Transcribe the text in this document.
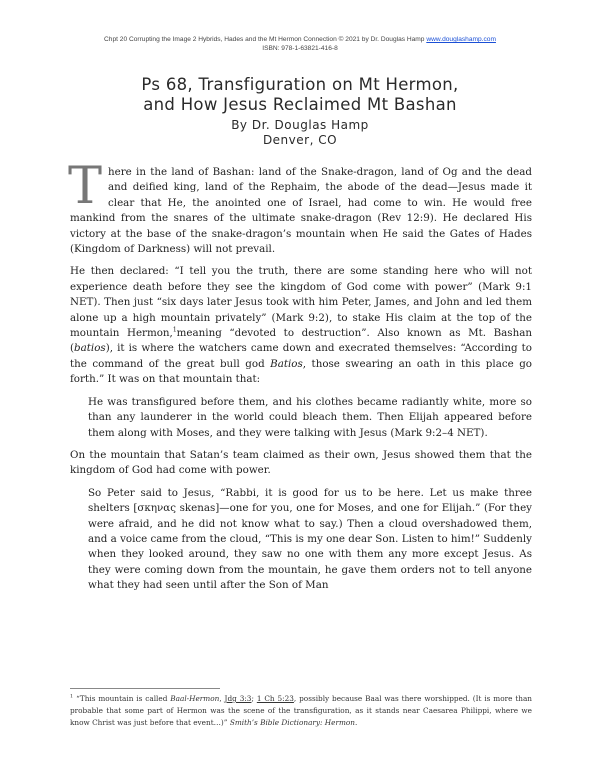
Chpt 20 Corrupting the Image 2 Hybrids, Hades and the Mt Hermon Connection © 2021 by Dr. Douglas Hamp www.douglashamp.com
ISBN: 978-1-63821-416-8
Ps 68, Transfiguration on Mt Hermon,
and How Jesus Reclaimed Mt Bashan
By Dr. Douglas Hamp
Denver, CO

There in the land of Bashan: land of the Snake-dragon, land of Og and the dead and deified king, land of the Rephaim, the abode of the dead—Jesus made it clear that He, the anointed one of Israel, had come to win. He would free mankind from the snares of the ultimate snake-dragon (Rev 12:9). He declared His victory at the base of the snake-dragon’s mountain when He said the Gates of Hades (Kingdom of Darkness) will not prevail.

He then declared: “I tell you the truth, there are some standing here who will not experience death before they see the kingdom of God come with power” (Mark 9:1 NET). Then just “six days later Jesus took with him Peter, James, and John and led them alone up a high mountain privately” (Mark 9:2), to stake His claim at the top of the mountain Hermon,$^1$meaning “devoted to destruction”. Also known as Mt. Bashan (batios), it is where the watchers came down and execrated themselves: “According to the command of the great bull god Batios, those swearing an oath in this place go forth.” It was on that mountain that:

He was transfigured before them, and his clothes became radiantly white, more so than any launderer in the world could bleach them. Then Elijah appeared before them along with Moses, and they were talking with Jesus (Mark 9:2–4 NET).

On the mountain that Satan’s team claimed as their own, Jesus showed them that the kingdom of God had come with power.

So Peter said to Jesus, “Rabbi, it is good for us to be here. Let us make three shelters [σκηνας skenas]—one for you, one for Moses, and one for Elijah.” (For they were afraid, and he did not know what to say.) Then a cloud overshadowed them, and a voice came from the cloud, “This is my one dear Son. Listen to him!” Suddenly when they looked around, they saw no one with them any more except Jesus. As they were coming down from the mountain, he gave them orders not to tell anyone what they had seen until after the Son of Man

$^1$ “This mountain is called Baal-Hermon, Jdg 3:3; 1 Ch 5:23, possibly because Baal was there worshipped. (It is more than probable that some part of Hermon was the scene of the transfiguration, as it stands near Caesarea Philippi, where we know Christ was just before that event…)” Smith’s Bible Dictionary: Hermon.
